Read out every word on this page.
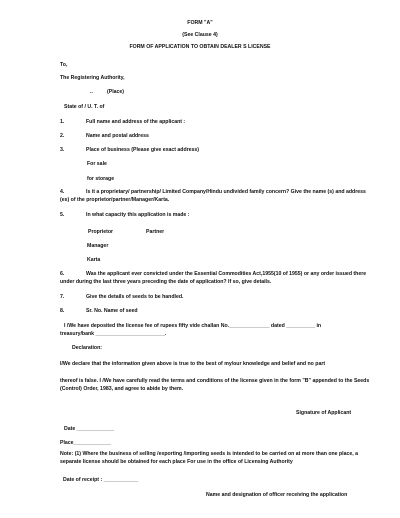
FORM "A"
(See Clause 4)
FORM OF APPLICATION TO OBTAIN DEALER S LICENSE
To,
The Registering Authority,
..	(Place)
State of / U. T. of
1.	Full name and address of the applicant :
2.	Name and postal address
3.	Place of business (Please give exact address)
For sale
for storage
4.	Is it a proprietary/ partnership/ Limited Company/Hindu undivided family concern? Give the name (s) and address (es) of the proprietor/partner/Manager/Karta.
5.	In what capacity this application is made :
Proprietor	Partner
Manager
Karta
6.	Was the applicant ever convicted under the Essential Commodities Act,1955(10 of 1955) or any order issued there under during the last three years preceding the date of application? If so, give details.
7.	Give the details of seeds to be handled.
8.	Sr. No. Name of seed
I /We have deposited the license fee of rupees fifty vide challan No.______________ dated __________ in
treasury/bank ________________________.
Declaration:
I/We declare that the information given above is true to the best of my/our knowledge and belief and no part
thereof is false. I /We have carefully read the terms and conditions of the license given in the form "B" appended to the Seeds (Control) Order, 1983, and agree to abide by them.
Signature of Applicant
Date _____________
Place_____________
Note: (1) Where the business of selling /exporting /importing seeds is intended to be carried on at more than one place, a separate license should be obtained for each place For use in the office of Licensing Authority
Date of receipt : ____________
Name and designation of officer receiving the application
